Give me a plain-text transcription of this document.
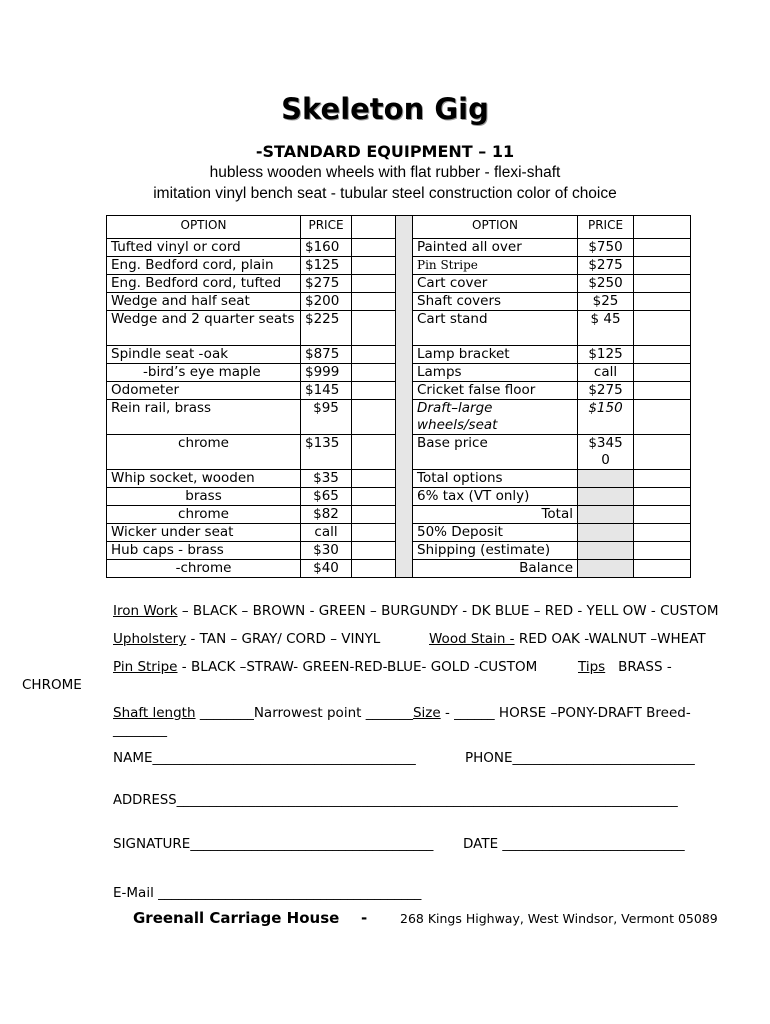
Skeleton Gig
-STANDARD EQUIPMENT – 11
hubless wooden wheels with flat rubber - flexi-shaft
imitation vinyl bench seat - tubular steel construction color of choice
OPTION	PRICE			OPTION	PRICE	
Tufted vinyl or cord	$160			Painted all over	$750	
Eng. Bedford cord, plain	$125			Pin Stripe	$275	
Eng. Bedford cord, tufted	$275			Cart cover	$250	
Wedge and half seat	$200			Shaft covers	$25	
Wedge and 2 quarter seats	$225			Cart stand	$ 45	
Spindle seat -oak	$875			Lamp bracket	$125	
-bird’s eye maple	$999			Lamps	call	
Odometer	$145			Cricket false floor	$275	
Rein rail, brass	$95			Draft–large wheels/seat	$150	
chrome	$135			Base price	$345 0	
Whip socket, wooden	$35			Total options		
brass	$65			6% tax (VT only)		
chrome	$82			Total		
Wicker under seat	call			50% Deposit		
Hub caps - brass	$30			Shipping (estimate)		
-chrome	$40			Balance		
Iron Work – BLACK – BROWN - GREEN – BURGUNDY - DK BLUE – RED - YELL OW - CUSTOM
Upholstery - TAN – GRAY/ CORD – VINYL	Wood Stain - RED OAK -WALNUT –WHEAT
Pin Stripe - BLACK –STRAW- GREEN-RED-BLUE- GOLD -CUSTOM	Tips BRASS -
CHROME
Shaft length ________Narrowest point _______Size - ______ HORSE –PONY-DRAFT Breed-
________
NAME_______________________________________	PHONE___________________________
ADDRESS____________________________________________________________________________
SIGNATURE____________________________________ DATE ___________________________
E-Mail _______________________________________
Greenall Carriage House -	268 Kings Highway, West Windsor, Vermont 05089
